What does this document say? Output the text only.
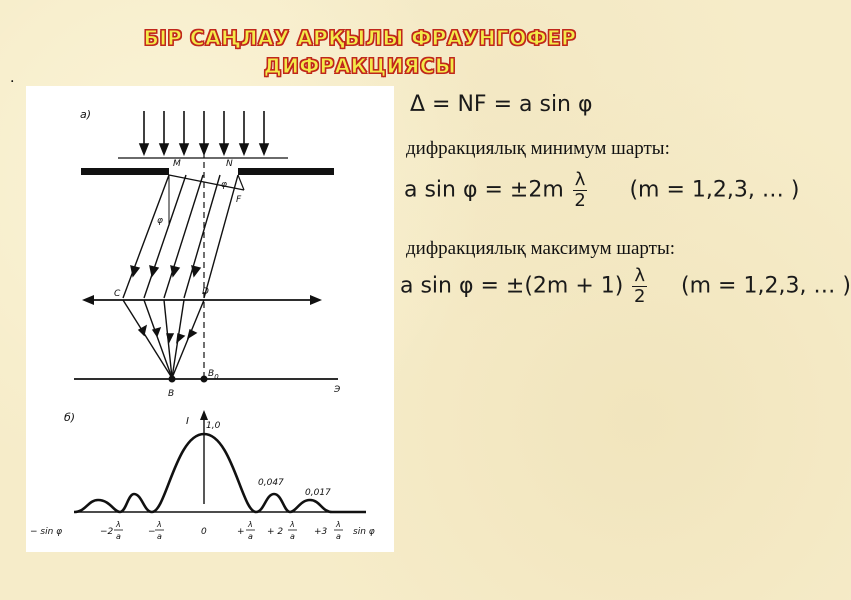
БІР САҢЛАУ АРҚЫЛЫ ФРАУНГОФЕР
ДИФРАКЦИЯСЫ
.
а)
M	N
φ
φ
F
C	D
B
$B_0$
Э
б)	I 1,0
0,047
0,017
− sin φ	−2
λ
a	−
λ
a	0	+
λ
a + 2
λ
a +3
λ
a sin φ
Δ = NF = a sin φ
дифракциялық минимум шарты:
a $\sin \varphi = \pm 2m \frac{\lambda}{2} (m = 1,2,3$, … )
дифракциялық максимум шарты:
a $\sin \varphi = \pm(2m + 1) \frac{\lambda}{2} (m = 1,2,3$, … )
